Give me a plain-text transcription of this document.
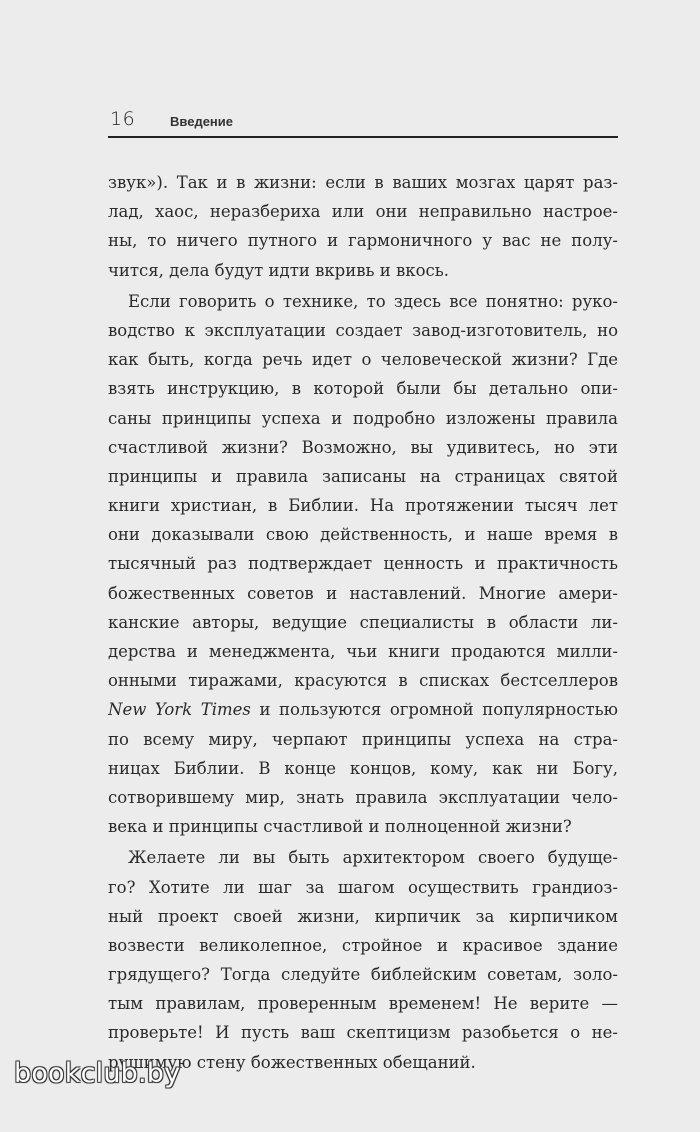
16	Введение
звук»). Так и в жизни: если в ваших мозгах царят раз-
лад, хаос, неразбериха или они неправильно настрое-
ны, то ничего путного и гармоничного у вас не полу-
чится, дела будут идти вкривь и вкось.
Если говорить о технике, то здесь все понятно: руко-
водство к эксплуатации создает завод-изготовитель, но
как быть, когда речь идет о человеческой жизни? Где
взять инструкцию, в которой были бы детально опи-
саны принципы успеха и подробно изложены правила
счастливой жизни? Возможно, вы удивитесь, но эти
принципы и правила записаны на страницах святой
книги христиан, в Библии. На протяжении тысяч лет
они доказывали свою действенность, и наше время в
тысячный раз подтверждает ценность и практичность
божественных советов и наставлений. Многие амери-
канские авторы, ведущие специалисты в области ли-
дерства и менеджмента, чьи книги продаются милли-
онными тиражами, красуются в списках бестселлеров
New York Times и пользуются огромной популярностью
по всему миру, черпают принципы успеха на стра-
ницах Библии. В конце концов, кому, как ни Богу,
сотворившему мир, знать правила эксплуатации чело-
века и принципы счастливой и полноценной жизни?
Желаете ли вы быть архитектором своего будуще-
го? Хотите ли шаг за шагом осуществить грандиоз-
ный проект своей жизни, кирпичик за кирпичиком
возвести великолепное, стройное и красивое здание
грядущего? Тогда следуйте библейским советам, золо-
тым правилам, проверенным временем! Не верите —
проверьте! И пусть ваш скептицизм разобьется о не-
рушимую стену божественных обещаний.
bookclub.by
